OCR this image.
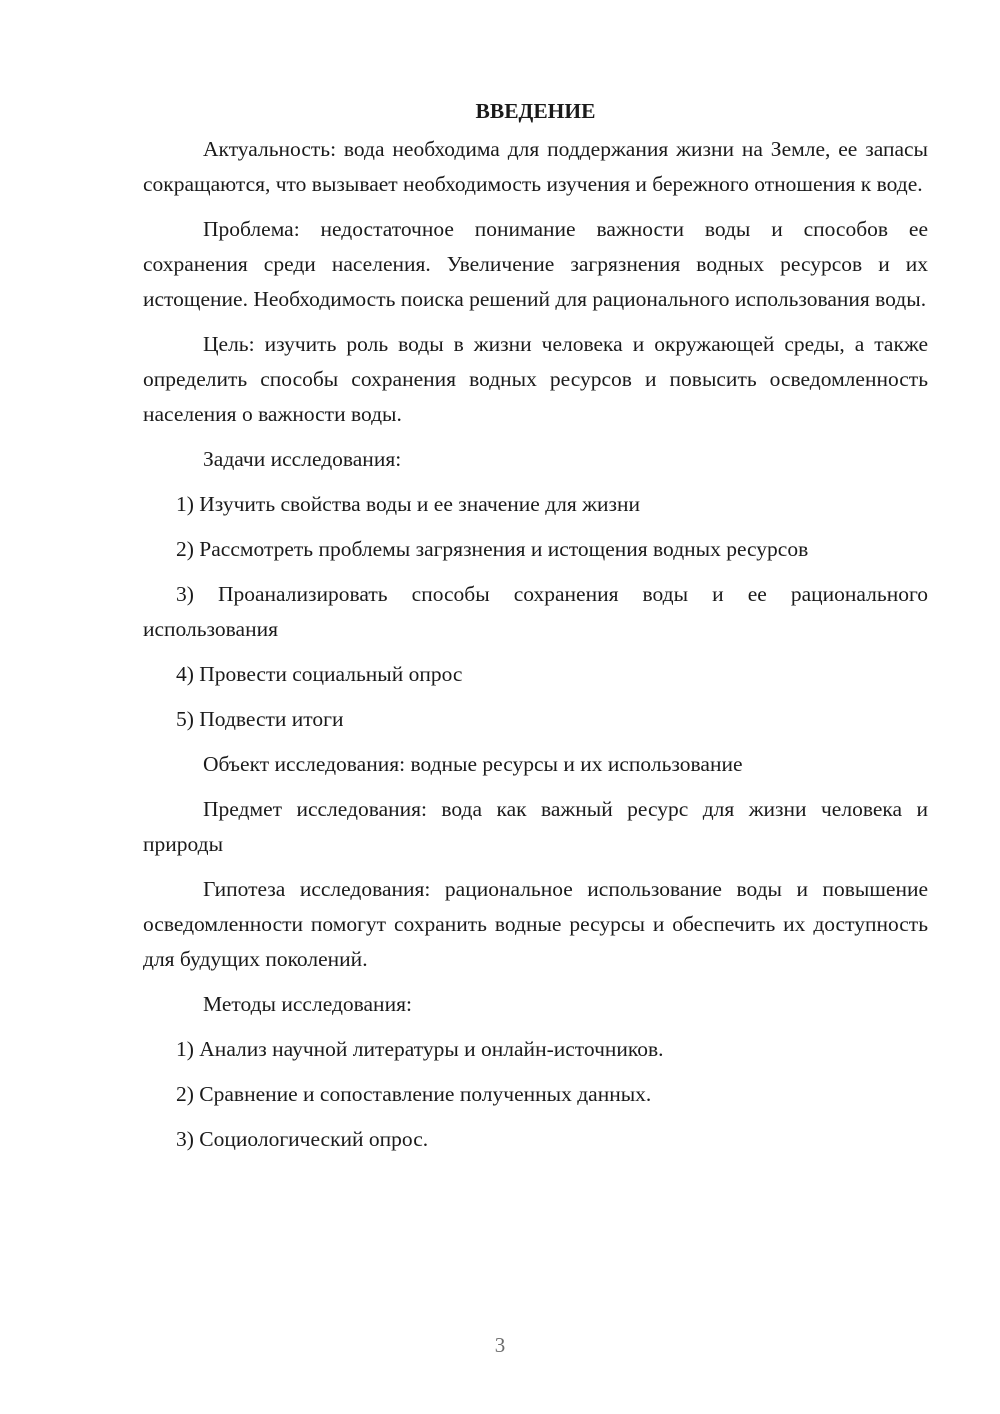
ВВЕДЕНИЕ

Актуальность: вода необходима для поддержания жизни на Земле, ее запасы сокращаются, что вызывает необходимость изучения и бережного отношения к воде.

Проблема: недостаточное понимание важности воды и способов ее сохранения среди населения. Увеличение загрязнения водных ресурсов и их истощение. Необходимость поиска решений для рационального использования воды.

Цель: изучить роль воды в жизни человека и окружающей среды, а также определить способы сохранения водных ресурсов и повысить осведомленность населения о важности воды.

Задачи исследования:

1) Изучить свойства воды и ее значение для жизни

2) Рассмотреть проблемы загрязнения и истощения водных ресурсов

3) Проанализировать способы сохранения воды и ее рационального использования

4) Провести социальный опрос

5) Подвести итоги

Объект исследования: водные ресурсы и их использование

Предмет исследования: вода как важный ресурс для жизни человека и природы

Гипотеза исследования: рациональное использование воды и повышение осведомленности помогут сохранить водные ресурсы и обеспечить их доступность для будущих поколений.

Методы исследования:

1) Анализ научной литературы и онлайн-источников.

2) Сравнение и сопоставление полученных данных.

3) Социологический опрос.

3
